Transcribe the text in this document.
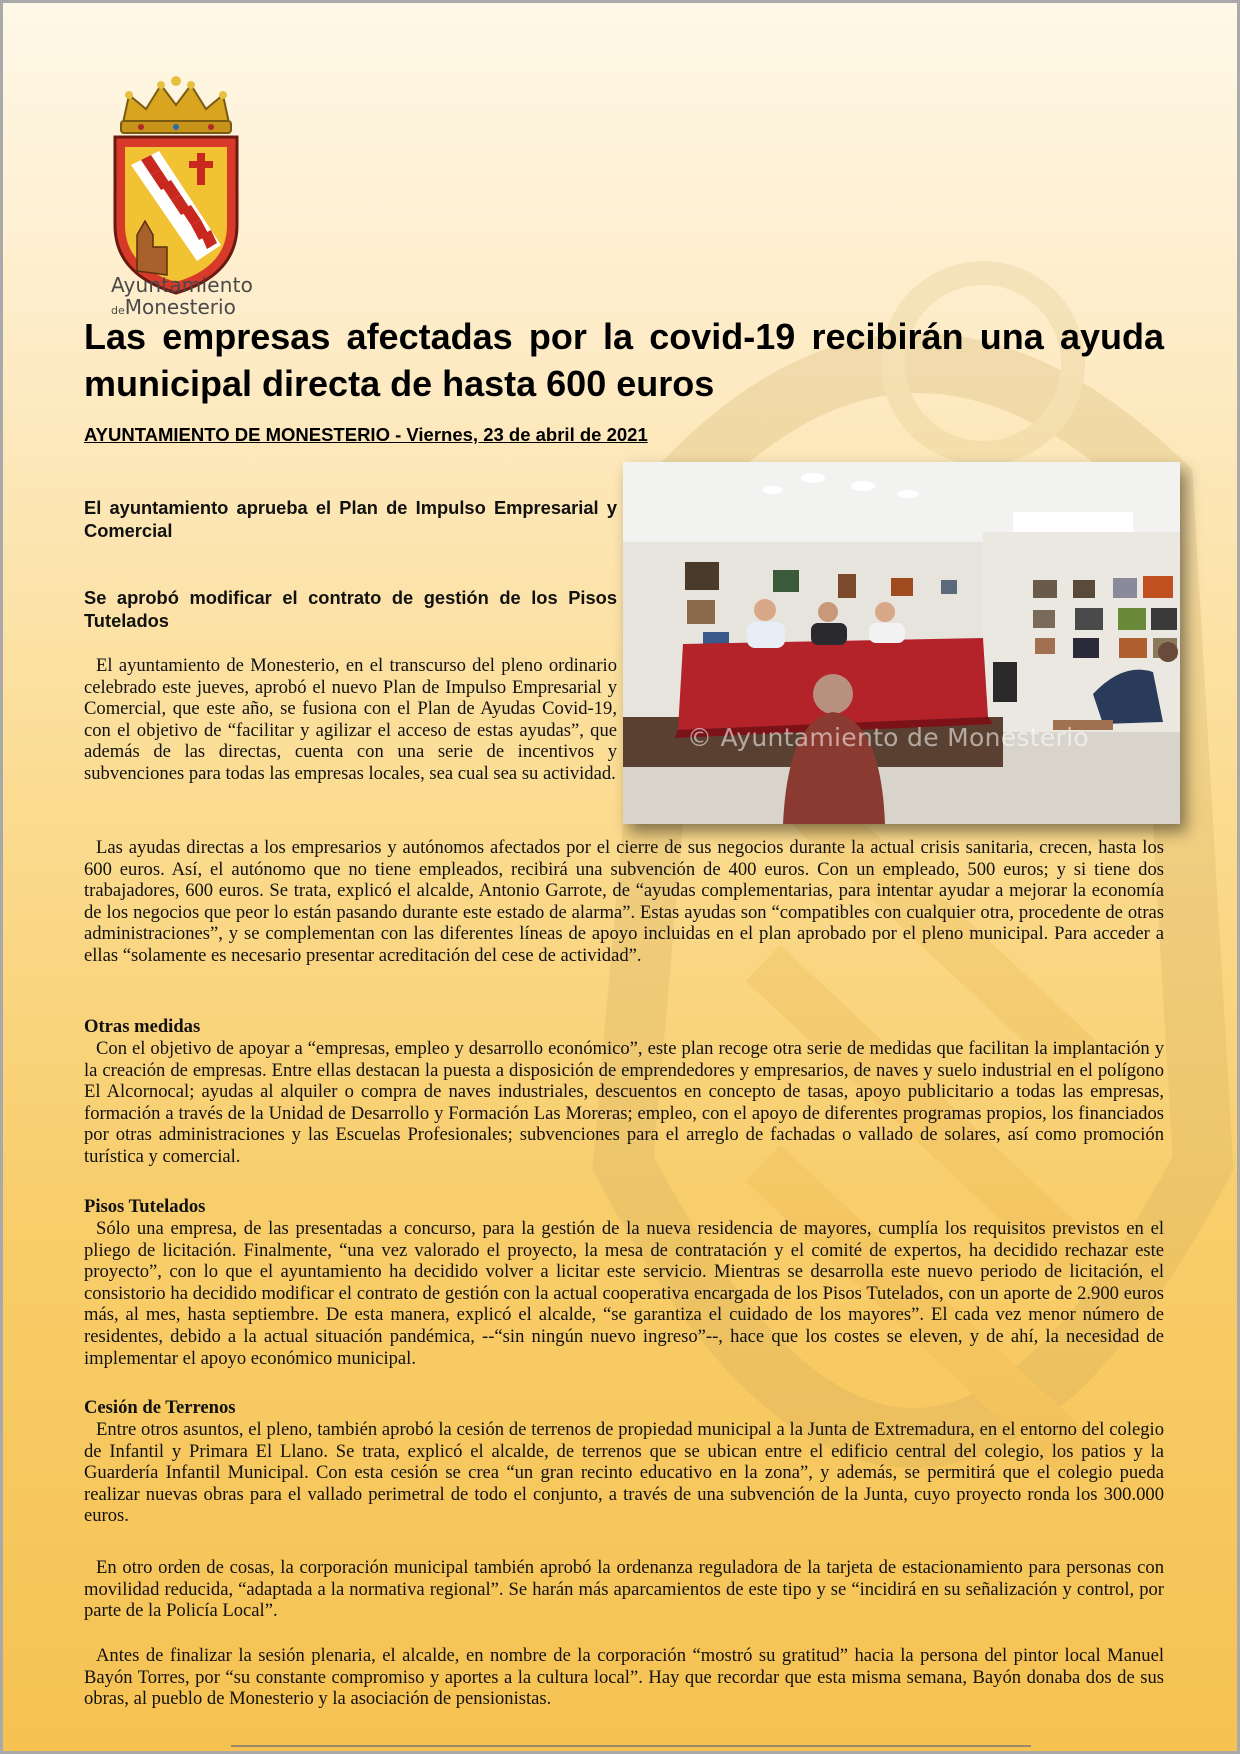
Ayuntamiento
deMonesterio
Las empresas afectadas por la covid-19 recibirán una ayuda municipal directa de hasta 600 euros

AYUNTAMIENTO DE MONESTERIO - Viernes, 23 de abril de 2021

El ayuntamiento aprueba el Plan de Impulso Empresarial y Comercial
Se aprobó modificar el contrato de gestión de los Pisos Tutelados

El ayuntamiento de Monesterio, en el transcurso del pleno ordinario celebrado este jueves, aprobó el nuevo Plan de Impulso Empresarial y Comercial, que este año, se fusiona con el Plan de Ayudas Covid-19, con el objetivo de “facilitar y agilizar el acceso de estas ayudas”, que además de las directas, cuenta con una serie de incentivos y subvenciones para todas las empresas locales, sea cual sea su actividad.

© Ayuntamiento de Monesterio

Las ayudas directas a los empresarios y autónomos afectados por el cierre de sus negocios durante la actual crisis sanitaria, crecen, hasta los 600 euros. Así, el autónomo que no tiene empleados, recibirá una subvención de 400 euros. Con un empleado, 500 euros; y si tiene dos trabajadores, 600 euros. Se trata, explicó el alcalde, Antonio Garrote, de “ayudas complementarias, para intentar ayudar a mejorar la economía de los negocios que peor lo están pasando durante este estado de alarma”. Estas ayudas son “compatibles con cualquier otra, procedente de otras administraciones”, y se complementan con las diferentes líneas de apoyo incluidas en el plan aprobado por el pleno municipal. Para acceder a ellas “solamente es necesario presentar acreditación del cese de actividad”.

Otras medidas

Con el objetivo de apoyar a “empresas, empleo y desarrollo económico”, este plan recoge otra serie de medidas que facilitan la implantación y la creación de empresas. Entre ellas destacan la puesta a disposición de emprendedores y empresarios, de naves y suelo industrial en el polígono El Alcornocal; ayudas al alquiler o compra de naves industriales, descuentos en concepto de tasas, apoyo publicitario a todas las empresas, formación a través de la Unidad de Desarrollo y Formación Las Moreras; empleo, con el apoyo de diferentes programas propios, los financiados por otras administraciones y las Escuelas Profesionales; subvenciones para el arreglo de fachadas o vallado de solares, así como promoción turística y comercial.

Pisos Tutelados

Sólo una empresa, de las presentadas a concurso, para la gestión de la nueva residencia de mayores, cumplía los requisitos previstos en el pliego de licitación. Finalmente, “una vez valorado el proyecto, la mesa de contratación y el comité de expertos, ha decidido rechazar este proyecto”, con lo que el ayuntamiento ha decidido volver a licitar este servicio. Mientras se desarrolla este nuevo periodo de licitación, el consistorio ha decidido modificar el contrato de gestión con la actual cooperativa encargada de los Pisos Tutelados, con un aporte de 2.900 euros más, al mes, hasta septiembre. De esta manera, explicó el alcalde, “se garantiza el cuidado de los mayores”. El cada vez menor número de residentes, debido a la actual situación pandémica, --“sin ningún nuevo ingreso”--, hace que los costes se eleven, y de ahí, la necesidad de implementar el apoyo económico municipal.

Cesión de Terrenos

Entre otros asuntos, el pleno, también aprobó la cesión de terrenos de propiedad municipal a la Junta de Extremadura, en el entorno del colegio de Infantil y Primara El Llano. Se trata, explicó el alcalde, de terrenos que se ubican entre el edificio central del colegio, los patios y la Guardería Infantil Municipal. Con esta cesión se crea “un gran recinto educativo en la zona”, y además, se permitirá que el colegio pueda realizar nuevas obras para el vallado perimetral de todo el conjunto, a través de una subvención de la Junta, cuyo proyecto ronda los 300.000 euros.

En otro orden de cosas, la corporación municipal también aprobó la ordenanza reguladora de la tarjeta de estacionamiento para personas con movilidad reducida, “adaptada a la normativa regional”. Se harán más aparcamientos de este tipo y se “incidirá en su señalización y control, por parte de la Policía Local”.

Antes de finalizar la sesión plenaria, el alcalde, en nombre de la corporación “mostró su gratitud” hacia la persona del pintor local Manuel Bayón Torres, por “su constante compromiso y aportes a la cultura local”. Hay que recordar que esta misma semana, Bayón donaba dos de sus obras, al pueblo de Monesterio y la asociación de pensionistas.
